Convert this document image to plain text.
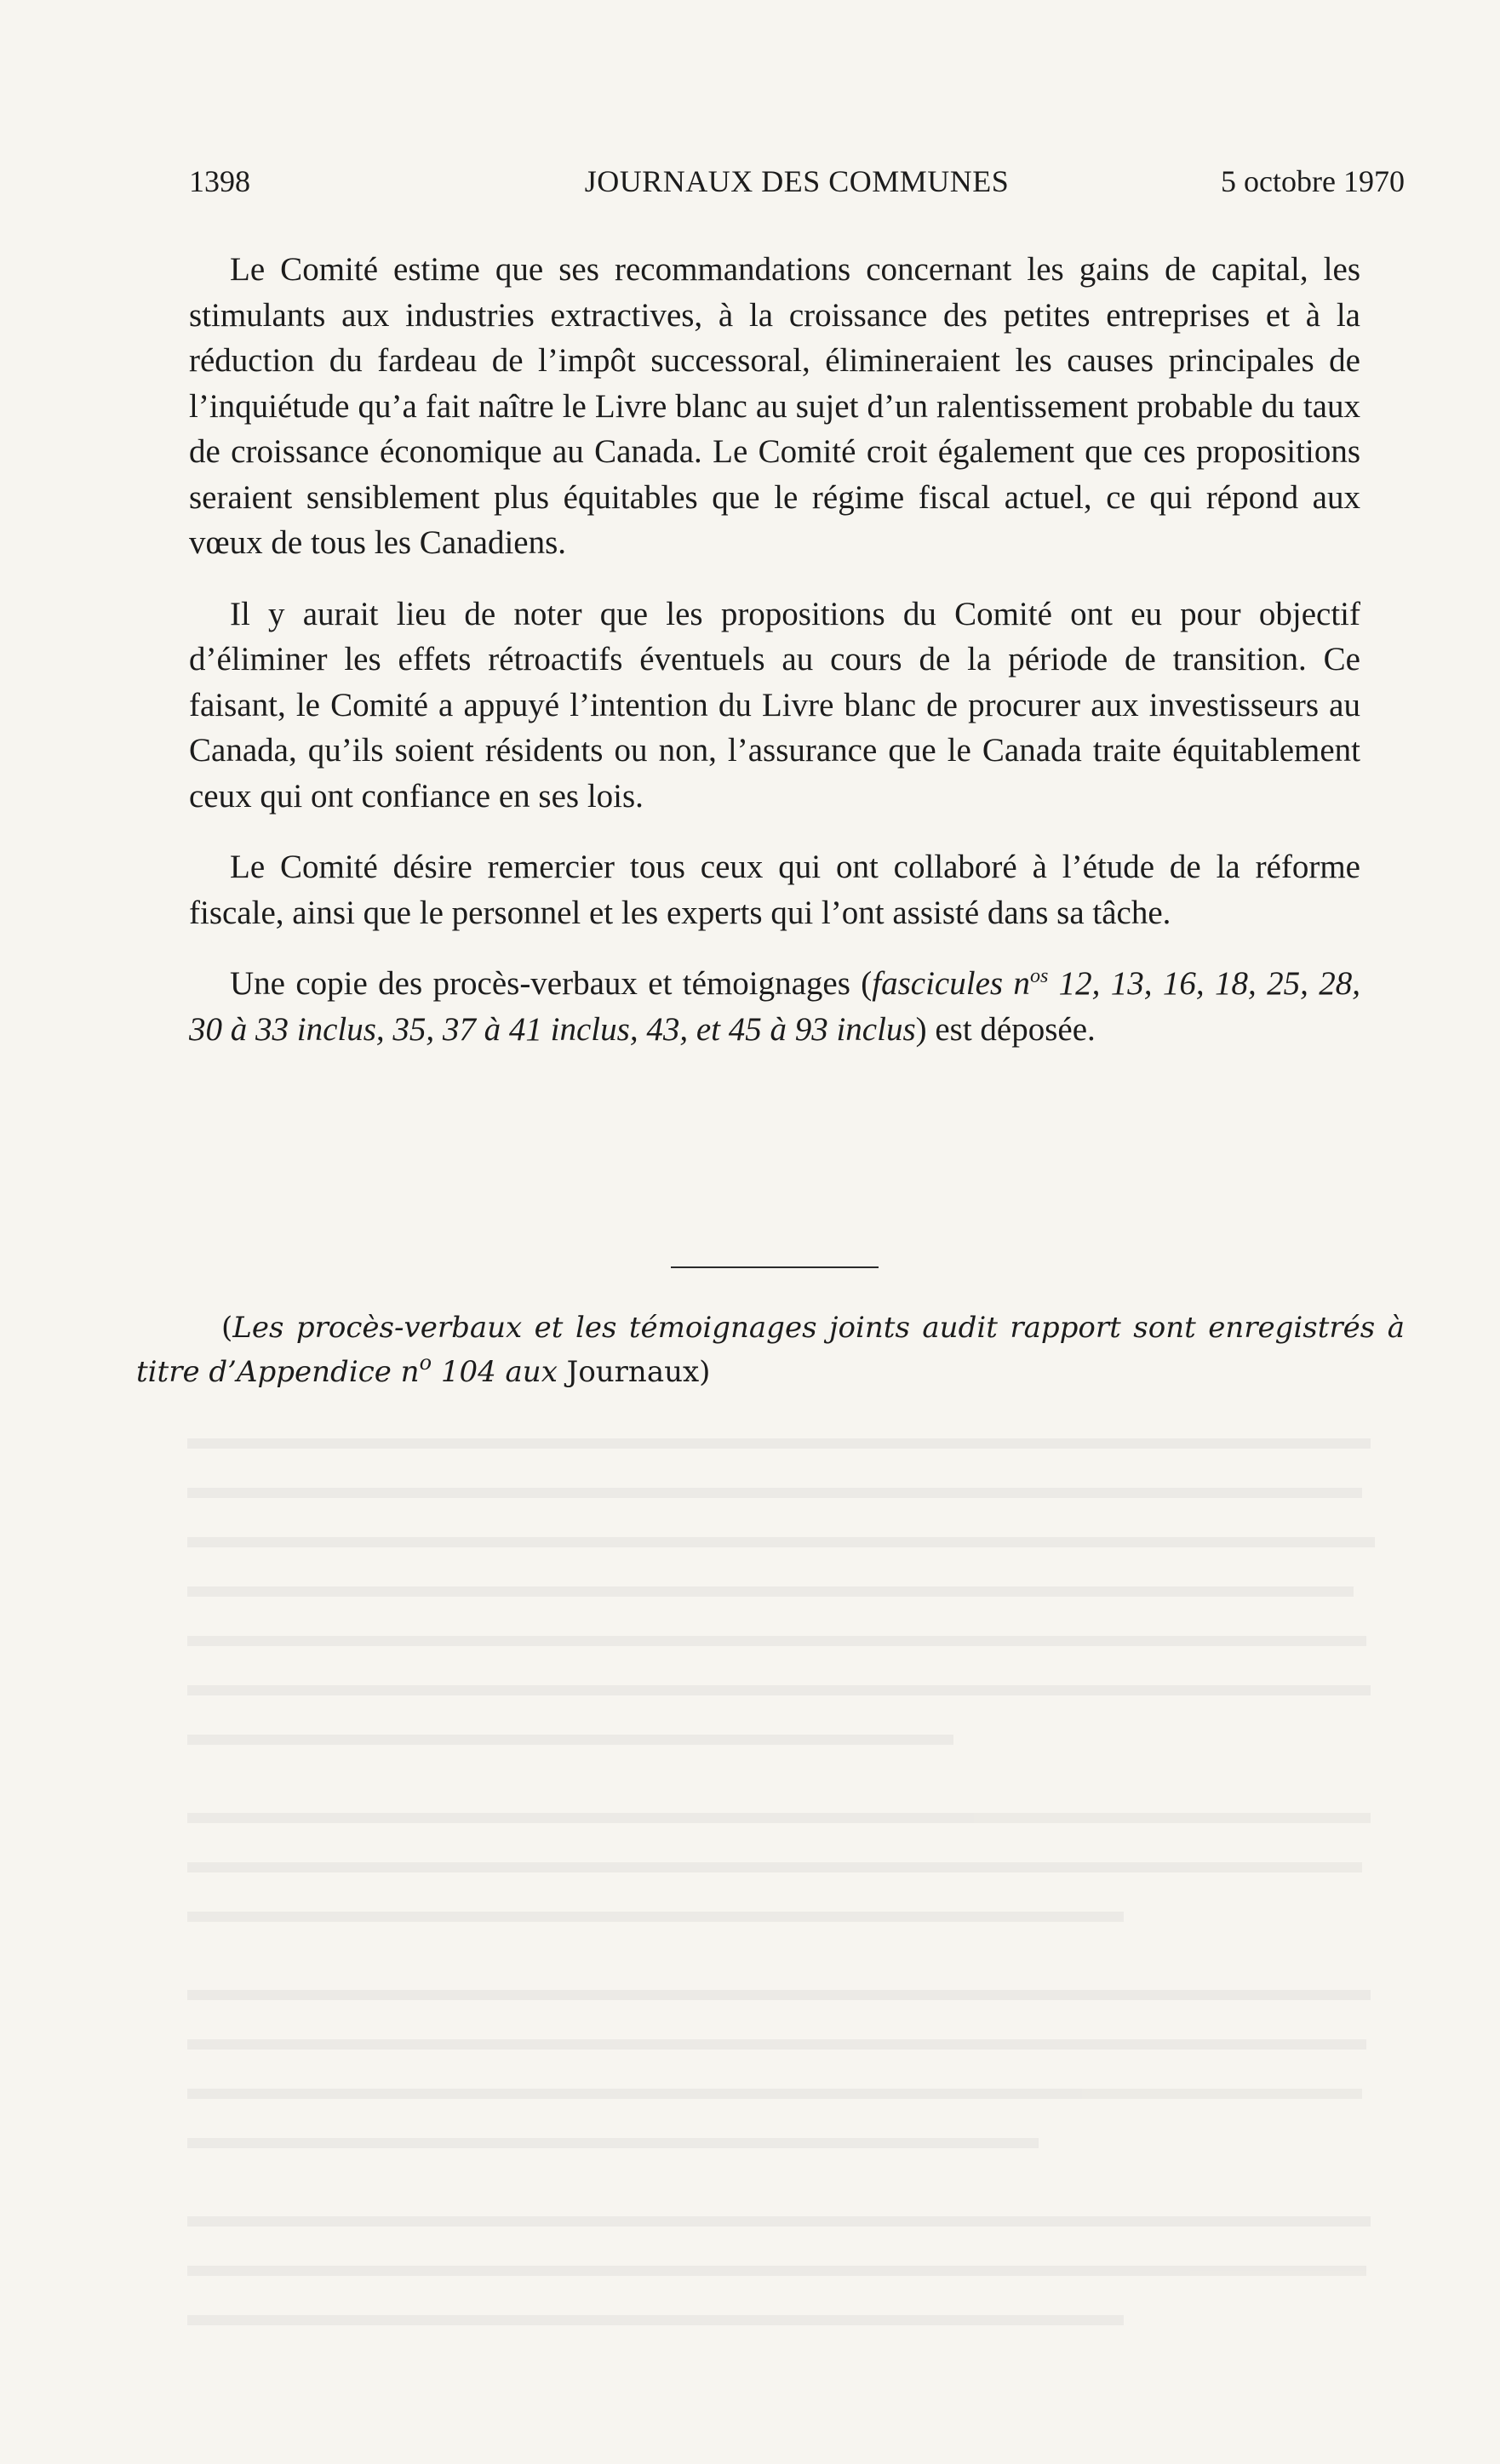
1398	JOURNAUX DES COMMUNES	5 octobre 1970

Le Comité estime que ses recommandations concernant les gains de capital, les stimulants aux industries extractives, à la croissance des petites entreprises et à la réduction du fardeau de l’impôt successoral, élimineraient les causes principales de l’inquiétude qu’a fait naître le Livre blanc au sujet d’un ralentissement probable du taux de croissance économique au Canada. Le Comité croit également que ces propositions seraient sensiblement plus équitables que le régime fiscal actuel, ce qui répond aux vœux de tous les Canadiens.

Il y aurait lieu de noter que les propositions du Comité ont eu pour objectif d’éliminer les effets rétroactifs éventuels au cours de la période de transition. Ce faisant, le Comité a appuyé l’intention du Livre blanc de procurer aux investisseurs au Canada, qu’ils soient résidents ou non, l’assurance que le Canada traite équitablement ceux qui ont confiance en ses lois.

Le Comité désire remercier tous ceux qui ont collaboré à l’étude de la réforme fiscale, ainsi que le personnel et les experts qui l’ont assisté dans sa tâche.

Une copie des procès-verbaux et témoignages (fascicules $n^{os}$ 12, 13, 16, 18, 25, 28, 30 à 33 inclus, 35, 37 à 41 inclus, 43, et 45 à 93 inclus) est déposée.

(Les procès-verbaux et les témoignages joints audit rapport sont enregistrés à titre d’Appendice $n^o$ 104 aux Journaux)
